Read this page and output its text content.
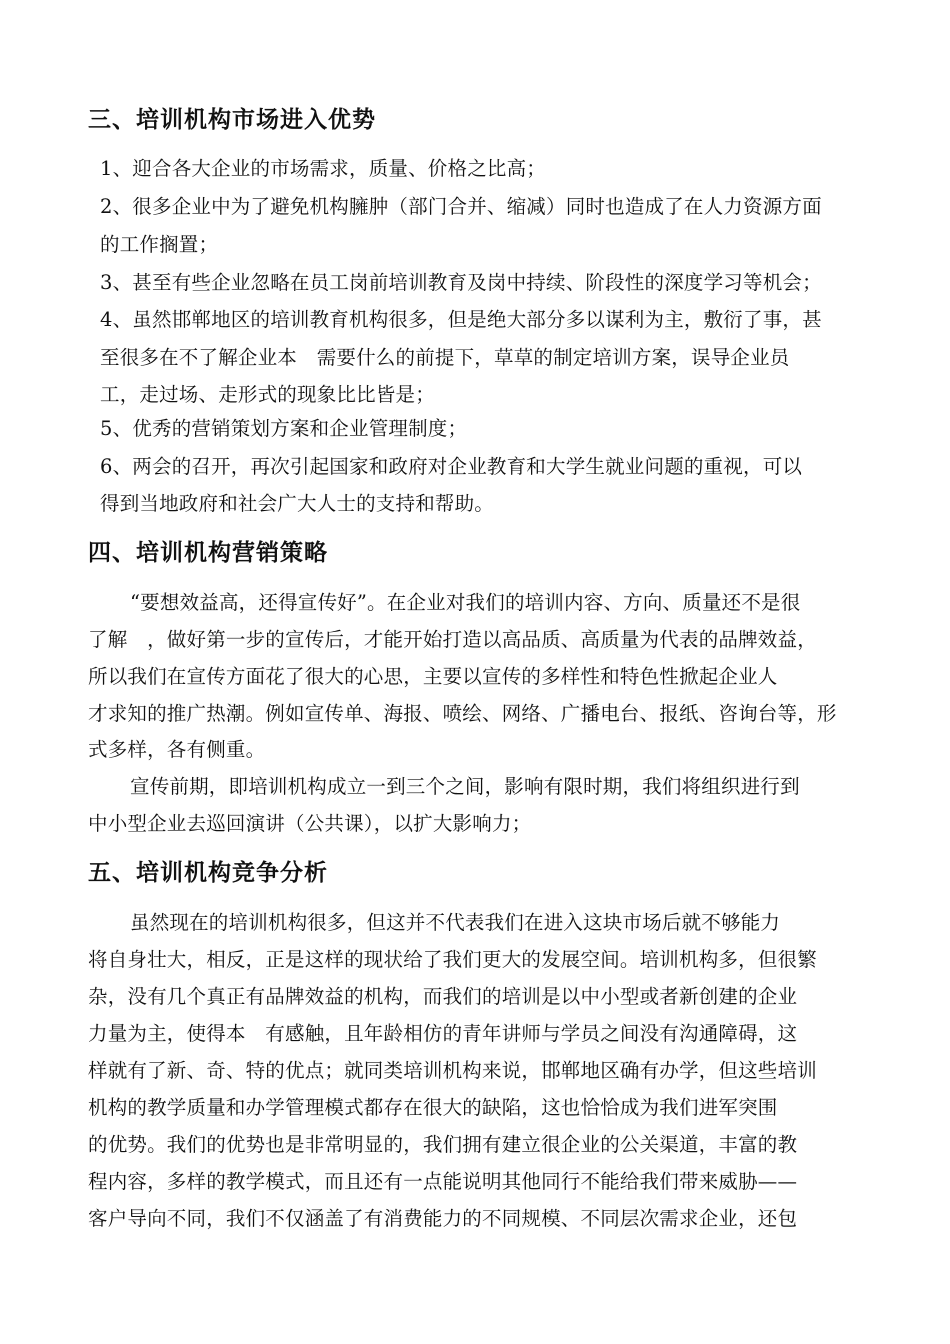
三、培训机构市场进入优势

1、迎合各大企业的市场需求，质量、价格之比高；

2、很多企业中为了避免机构臃肿（部门合并、缩减）同时也造成了在人力资源方面

的工作搁置；

3、甚至有些企业忽略在员工岗前培训教育及岗中持续、阶段性的深度学习等机会；

4、虽然邯郸地区的培训教育机构很多，但是绝大部分多以谋利为主，敷衍了事，甚

至很多在不了解企业本　需要什么的前提下，草草的制定培训方案，误导企业员

工，走过场、走形式的现象比比皆是；

5、优秀的营销策划方案和企业管理制度；

6、两会的召开，再次引起国家和政府对企业教育和大学生就业问题的重视，可以

得到当地政府和社会广大人士的支持和帮助。

四、培训机构营销策略

“要想效益高，还得宣传好”。在企业对我们的培训内容、方向、质量还不是很

了解　，做好第一步的宣传后，才能开始打造以高品质、高质量为代表的品牌效益，

所以我们在宣传方面花了很大的心思，主要以宣传的多样性和特色性掀起企业人

才求知的推广热潮。例如宣传单、海报、喷绘、网络、广播电台、报纸、咨询台等，形

式多样，各有侧重。

宣传前期，即培训机构成立一到三个之间，影响有限时期，我们将组织进行到

中小型企业去巡回演讲（公共课），以扩大影响力；

五、培训机构竞争分析

虽然现在的培训机构很多，但这并不代表我们在进入这块市场后就不够能力

将自身壮大，相反，正是这样的现状给了我们更大的发展空间。培训机构多，但很繁

杂，没有几个真正有品牌效益的机构，而我们的培训是以中小型或者新创建的企业

力量为主，使得本　有感触，且年龄相仿的青年讲师与学员之间没有沟通障碍，这

样就有了新、奇、特的优点；就同类培训机构来说，邯郸地区确有办学，但这些培训

机构的教学质量和办学管理模式都存在很大的缺陷，这也恰恰成为我们进军突围

的优势。我们的优势也是非常明显的，我们拥有建立很企业的公关渠道，丰富的教

程内容，多样的教学模式，而且还有一点能说明其他同行不能给我们带来威胁——

客户导向不同，我们不仅涵盖了有消费能力的不同规模、不同层次需求企业，还包
